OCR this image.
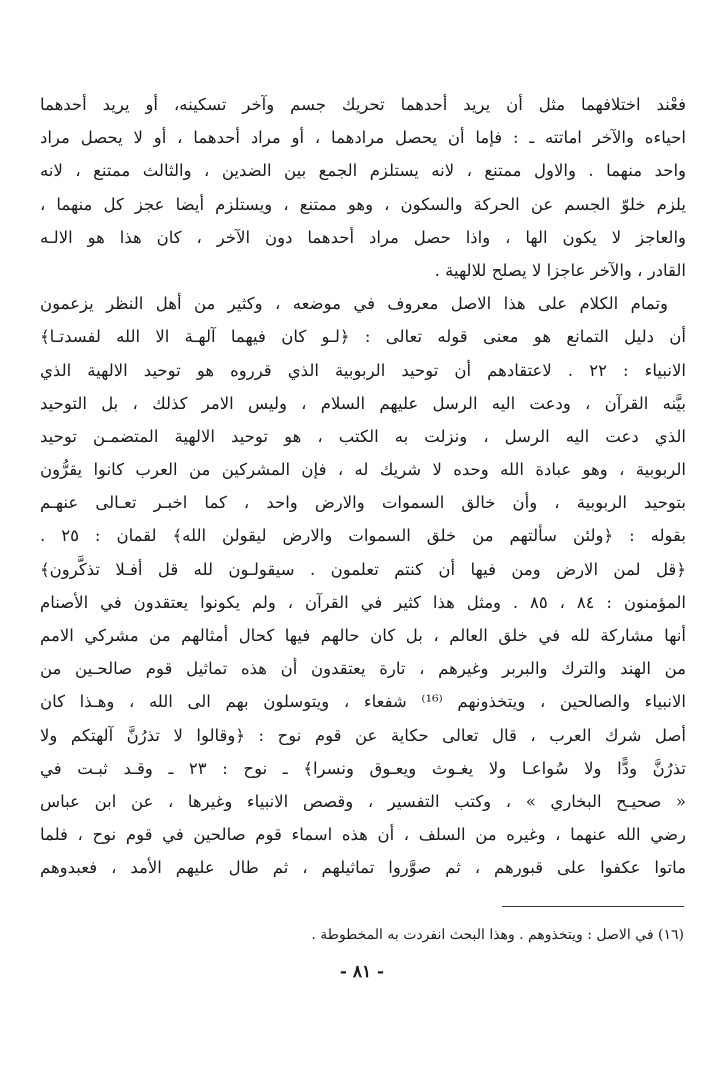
فعْند اختلافهما مثل أن يريد أحدهما تحريك جسم وآخر تسكينه، أو يريد أحدهما
احياءه والآخر اماتته ـ : فإما أن يحصل مرادهما ، أو مراد أحدهما ، أو لا يحصل مراد
واحد منهما . والاول ممتنع ، لانه يستلزم الجمع بين الضدين ، والثالث ممتنع ، لانه
يلزم خلوّ الجسم عن الحركة والسكون ، وهو ممتنع ، ويستلزم أيضا عجز كل منهما ،
والعاجز لا يكون الها ، واذا حصل مراد أحدهما دون الآخر ، كان هذا هو الالـه
القادر ، والآخر عاجزا لا يصلح للالهية .
وتمام الكلام على هذا الاصل معروف في موضعه ، وكثير من أهل النظر يزعمون
أن دليل التمانع هو معنى قوله تعالى : ﴿لـو كان فيهما آلهـة الا الله لفسدتـا﴾
الانبياء : ٢٢ . لاعتقادهم أن توحيد الربوبية الذي قرروه هو توحيد الالهية الذي
بيَّنه القرآن ، ودعت اليه الرسل عليهم السلام ، وليس الامر كذلك ، بل التوحيد
الذي دعت اليه الرسل ، ونزلت به الكتب ، هو توحيد الالهية المتضمـن توحيد
الربوبية ، وهو عبادة الله وحده لا شريك له ، فإن المشركين من العرب كانوا يقرُّون
بتوحيد الربوبية ، وأن خالق السموات والارض واحد ، كما اخبـر تعـالى عنهـم
بقوله : ﴿ولئن سألتهم من خلق السموات والارض ليقولن الله﴾ لقمان : ٢٥ .
﴿قل لمن الارض ومن فيها أن كنتم تعلمون . سيقولـون لله قل أفـلا تذكَّرون﴾
المؤمنون : ٨٤ ، ٨٥ . ومثل هذا كثير في القرآن ، ولم يكونوا يعتقدون في الأصنام
أنها مشاركة لله في خلق العالم ، بل كان حالهم فيها كحال أمثالهم من مشركي الامم
من الهند والترك والبربر وغيرهم ، تارة يعتقدون أن هذه تماثيل قوم صالحـين من
الانبياء والصالحين ، ويتخذونهم ⁽¹⁶⁾ شفعاء ، ويتوسلون بهم الى الله ، وهـذا كان
أصل شرك العرب ، قال تعالى حكاية عن قوم نوح : ﴿وقالوا لا تذرُنَّ آلهتكم ولا
تذرُنَّ ودًّا ولا سُواعـا ولا يغـوث ويعـوق ونسرا﴾ ـ نوح : ٢٣ ـ وقـد ثبـت في
« صحيـح البخاري » ، وكتب التفسير ، وقصص الانبياء وغيرها ، عن ابن عباس
رضي الله عنهما ، وغيره من السلف ، أن هذه اسماء قوم صالحين في قوم نوح ، فلما
ماتوا عكفوا على قبورهم ، ثم صوَّروا تماثيلهم ، ثم طال عليهم الأمد ، فعبدوهم
(١٦) في الاصل : ويتخذوهم . وهذا البحث انفردت به المخطوطة .
- ٨١ -
